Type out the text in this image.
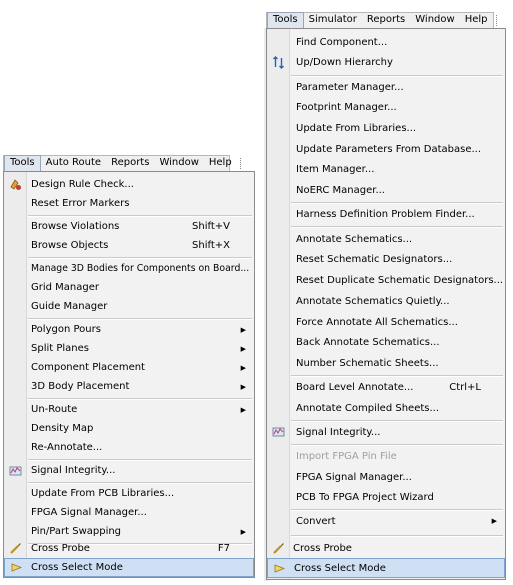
Tools	Auto Route	Reports	Window	Help
Design Rule Check...
Reset Error Markers
Browse Violations	Shift+V
Browse Objects	Shift+X
Manage 3D Bodies for Components on Board...
Grid Manager
Guide Manager
Polygon Pours	▶
Split Planes	▶
Component Placement	▶
3D Body Placement	▶
Un-Route	▶
Density Map
Re-Annotate...
Signal Integrity...
Update From PCB Libraries...
FPGA Signal Manager...
Pin/Part Swapping	▶
Cross Probe	F7
Cross Select Mode
Tools	Simulator	Reports	Window	Help
Find Component...
Up/Down Hierarchy
Parameter Manager...
Footprint Manager...
Update From Libraries...
Update Parameters From Database...
Item Manager...
NoERC Manager...
Harness Definition Problem Finder...
Annotate Schematics...
Reset Schematic Designators...
Reset Duplicate Schematic Designators...
Annotate Schematics Quietly...
Force Annotate All Schematics...
Back Annotate Schematics...
Number Schematic Sheets...
Board Level Annotate...	Ctrl+L
Annotate Compiled Sheets...
Signal Integrity...
Import FPGA Pin File
FPGA Signal Manager...
PCB To FPGA Project Wizard
Convert	▶
Cross Probe
Cross Select Mode
